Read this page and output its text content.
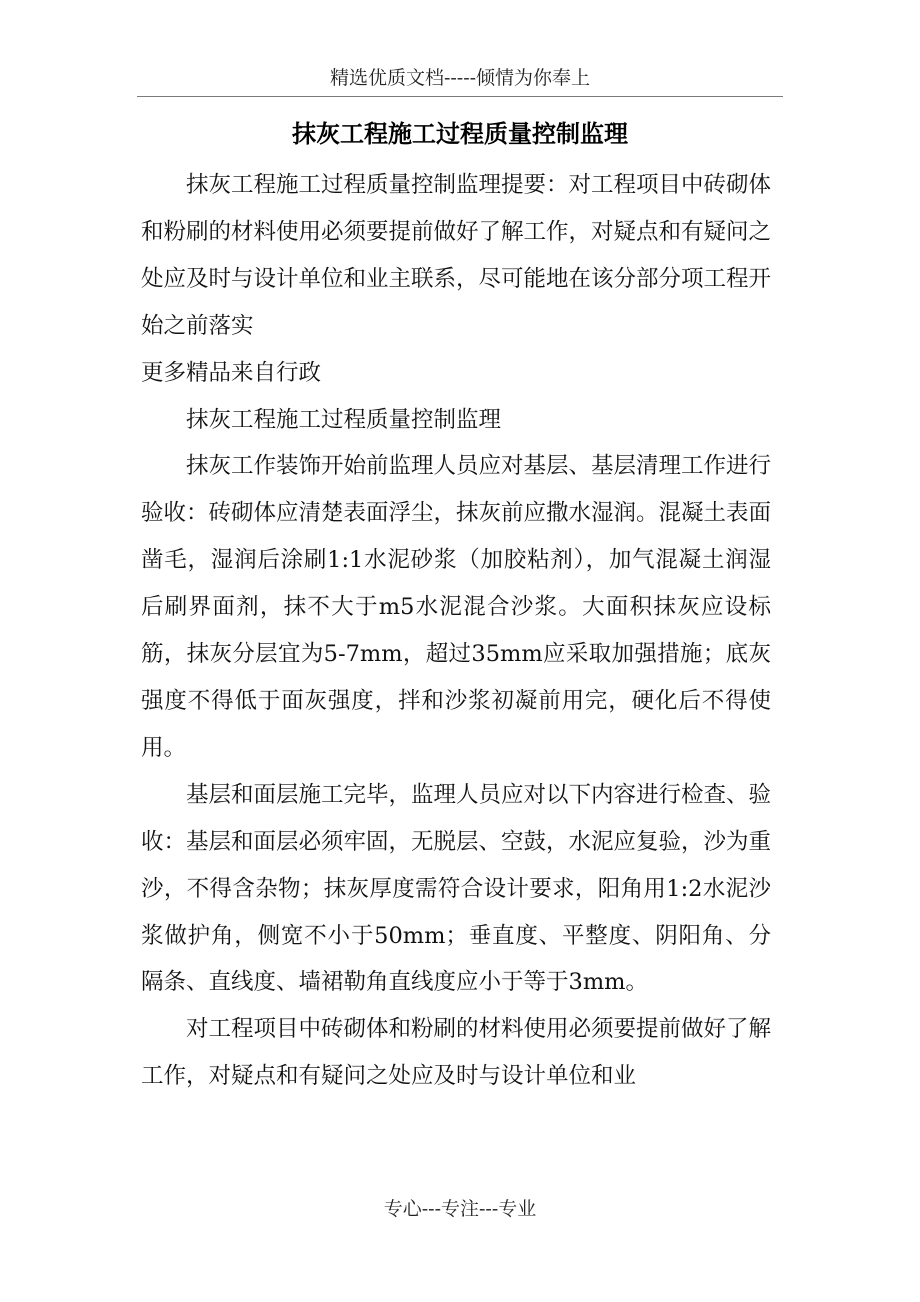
精选优质文档-----倾情为你奉上
抹灰工程施工过程质量控制监理

抹灰工程施工过程质量控制监理提要：对工程项目中砖砌体和粉刷的材料使用必须要提前做好了解工作，对疑点和有疑问之处应及时与设计单位和业主联系，尽可能地在该分部分项工程开始之前落实

更多精品来自行政

抹灰工程施工过程质量控制监理

抹灰工作装饰开始前监理人员应对基层、基层清理工作进行验收：砖砌体应清楚表面浮尘，抹灰前应撒水湿润。混凝土表面凿毛，湿润后涂刷1:1水泥砂浆（加胶粘剂），加气混凝土润湿后刷界面剂，抹不大于m5水泥混合沙浆。大面积抹灰应设标筋，抹灰分层宜为5-7mm，超过35mm应采取加强措施；底灰强度不得低于面灰强度，拌和沙浆初凝前用完，硬化后不得使用。

基层和面层施工完毕，监理人员应对以下内容进行检查、验收：基层和面层必须牢固，无脱层、空鼓，水泥应复验，沙为重沙，不得含杂物；抹灰厚度需符合设计要求，阳角用1:2水泥沙浆做护角，侧宽不小于50mm；垂直度、平整度、阴阳角、分隔条、直线度、墙裙勒角直线度应小于等于3mm。

对工程项目中砖砌体和粉刷的材料使用必须要提前做好了解工作，对疑点和有疑问之处应及时与设计单位和业

专心---专注---专业
